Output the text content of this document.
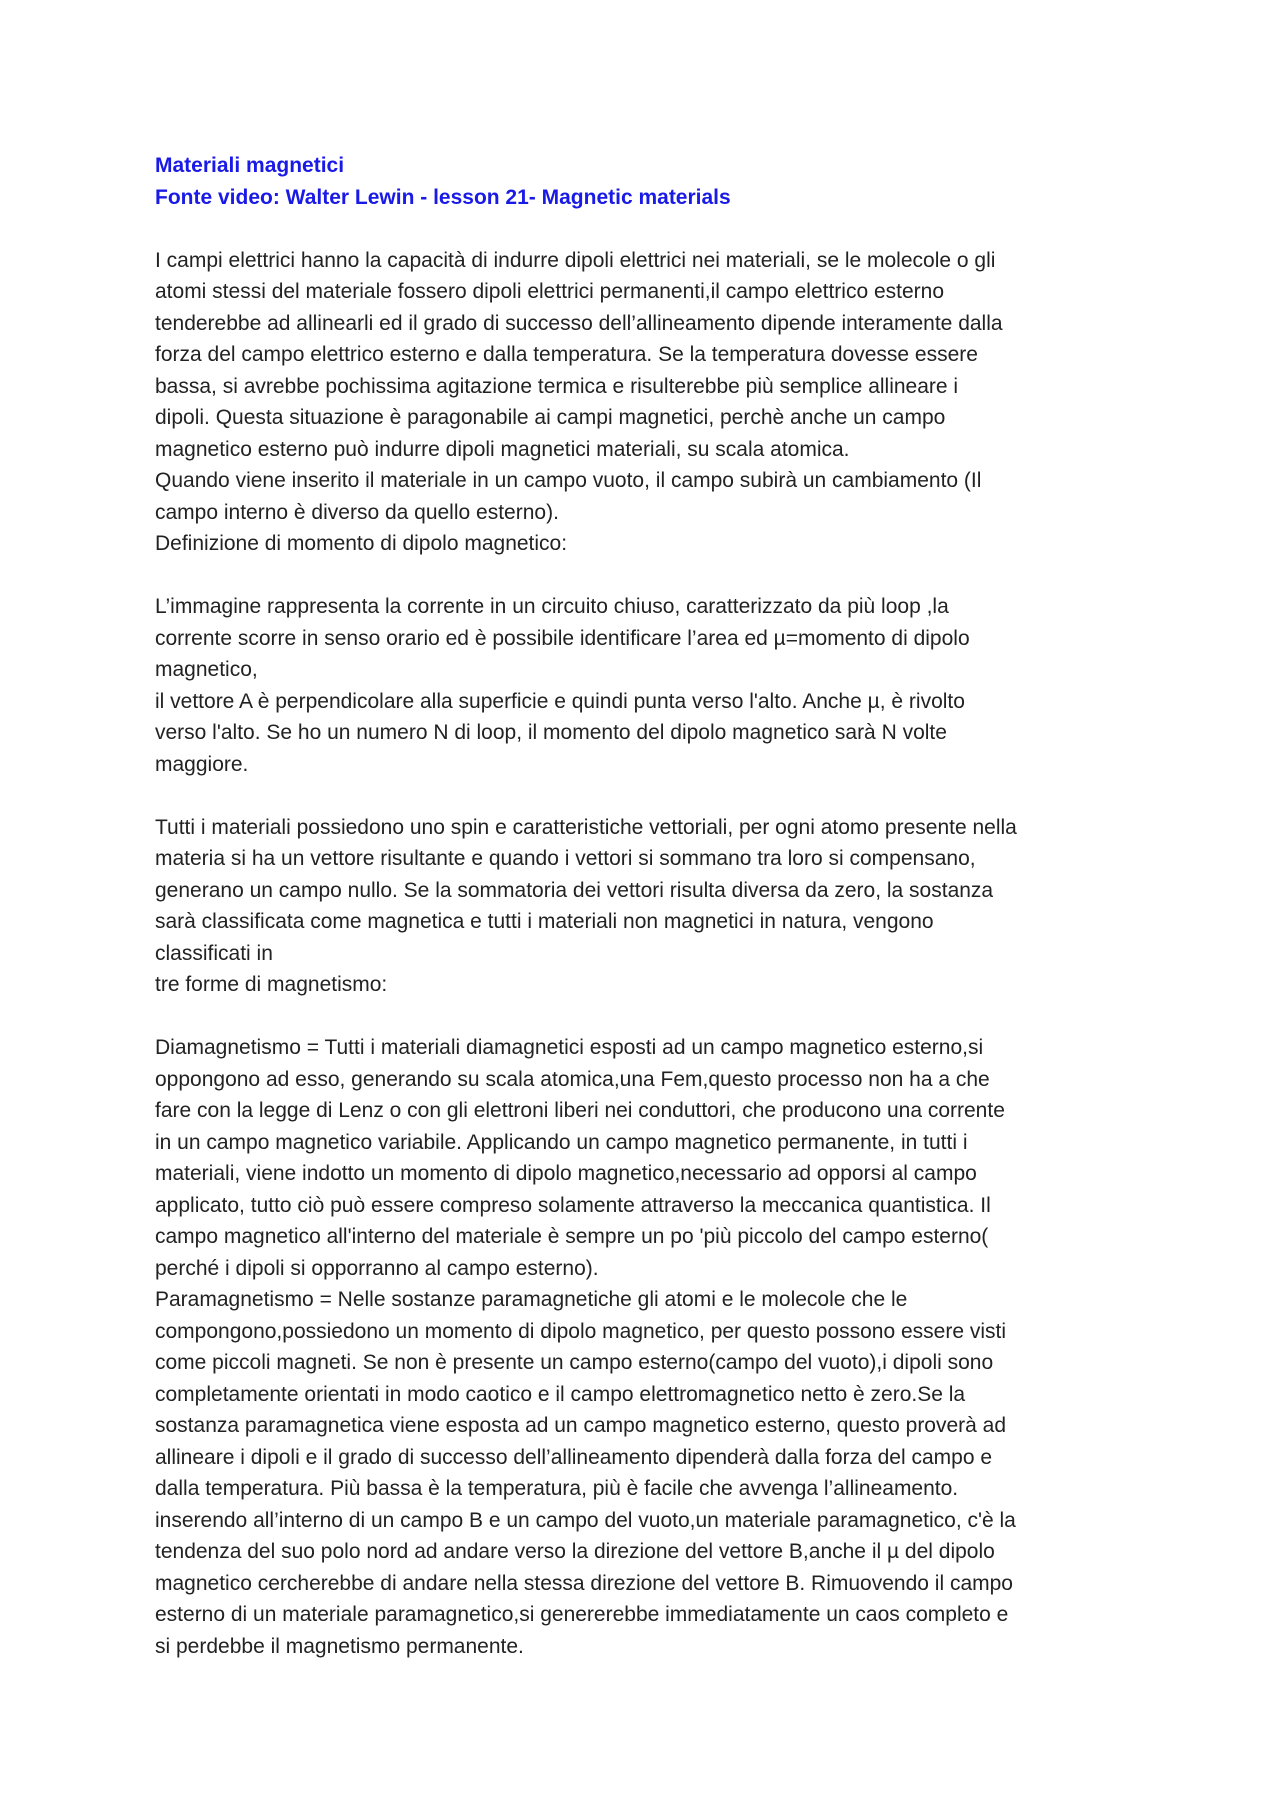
Materiali magnetici
Fonte video: Walter Lewin - lesson 21- Magnetic materials

I campi elettrici hanno la capacità di indurre dipoli elettrici nei materiali, se le molecole o gli

atomi stessi del materiale fossero dipoli elettrici permanenti,il campo elettrico esterno

tenderebbe ad allinearli ed il grado di successo dell’allineamento dipende interamente dalla

forza del campo elettrico esterno e dalla temperatura. Se la temperatura dovesse essere

bassa, si avrebbe pochissima agitazione termica e risulterebbe più semplice allineare i

dipoli. Questa situazione è paragonabile ai campi magnetici, perchè anche un campo

magnetico esterno può indurre dipoli magnetici materiali, su scala atomica.

Quando viene inserito il materiale in un campo vuoto, il campo subirà un cambiamento (Il

campo interno è diverso da quello esterno).

Definizione di momento di dipolo magnetico:

L’immagine rappresenta la corrente in un circuito chiuso, caratterizzato da più loop ,la

corrente scorre in senso orario ed è possibile identificare l’area ed µ=momento di dipolo

magnetico,

il vettore A è perpendicolare alla superficie e quindi punta verso l'alto. Anche µ, è rivolto

verso l'alto. Se ho un numero N di loop, il momento del dipolo magnetico sarà N volte

maggiore.

Tutti i materiali possiedono uno spin e caratteristiche vettoriali, per ogni atomo presente nella

materia si ha un vettore risultante e quando i vettori si sommano tra loro si compensano,

generano un campo nullo. Se la sommatoria dei vettori risulta diversa da zero, la sostanza

sarà classificata come magnetica e tutti i materiali non magnetici in natura, vengono

classificati in

tre forme di magnetismo:

Diamagnetismo = Tutti i materiali diamagnetici esposti ad un campo magnetico esterno,si

oppongono ad esso, generando su scala atomica,una Fem,questo processo non ha a che

fare con la legge di Lenz o con gli elettroni liberi nei conduttori, che producono una corrente

in un campo magnetico variabile. Applicando un campo magnetico permanente, in tutti i

materiali, viene indotto un momento di dipolo magnetico,necessario ad opporsi al campo

applicato, tutto ciò può essere compreso solamente attraverso la meccanica quantistica. Il

campo magnetico all'interno del materiale è sempre un po 'più piccolo del campo esterno(

perché i dipoli si opporranno al campo esterno).

Paramagnetismo = Nelle sostanze paramagnetiche gli atomi e le molecole che le

compongono,possiedono un momento di dipolo magnetico, per questo possono essere visti

come piccoli magneti. Se non è presente un campo esterno(campo del vuoto),i dipoli sono

completamente orientati in modo caotico e il campo elettromagnetico netto è zero.Se la

sostanza paramagnetica viene esposta ad un campo magnetico esterno, questo proverà ad

allineare i dipoli e il grado di successo dell’allineamento dipenderà dalla forza del campo e

dalla temperatura. Più bassa è la temperatura, più è facile che avvenga l’allineamento.

inserendo all’interno di un campo B e un campo del vuoto,un materiale paramagnetico, c'è la

tendenza del suo polo nord ad andare verso la direzione del vettore B,anche il µ del dipolo

magnetico cercherebbe di andare nella stessa direzione del vettore B. Rimuovendo il campo

esterno di un materiale paramagnetico,si genererebbe immediatamente un caos completo e

si perdebbe il magnetismo permanente.
